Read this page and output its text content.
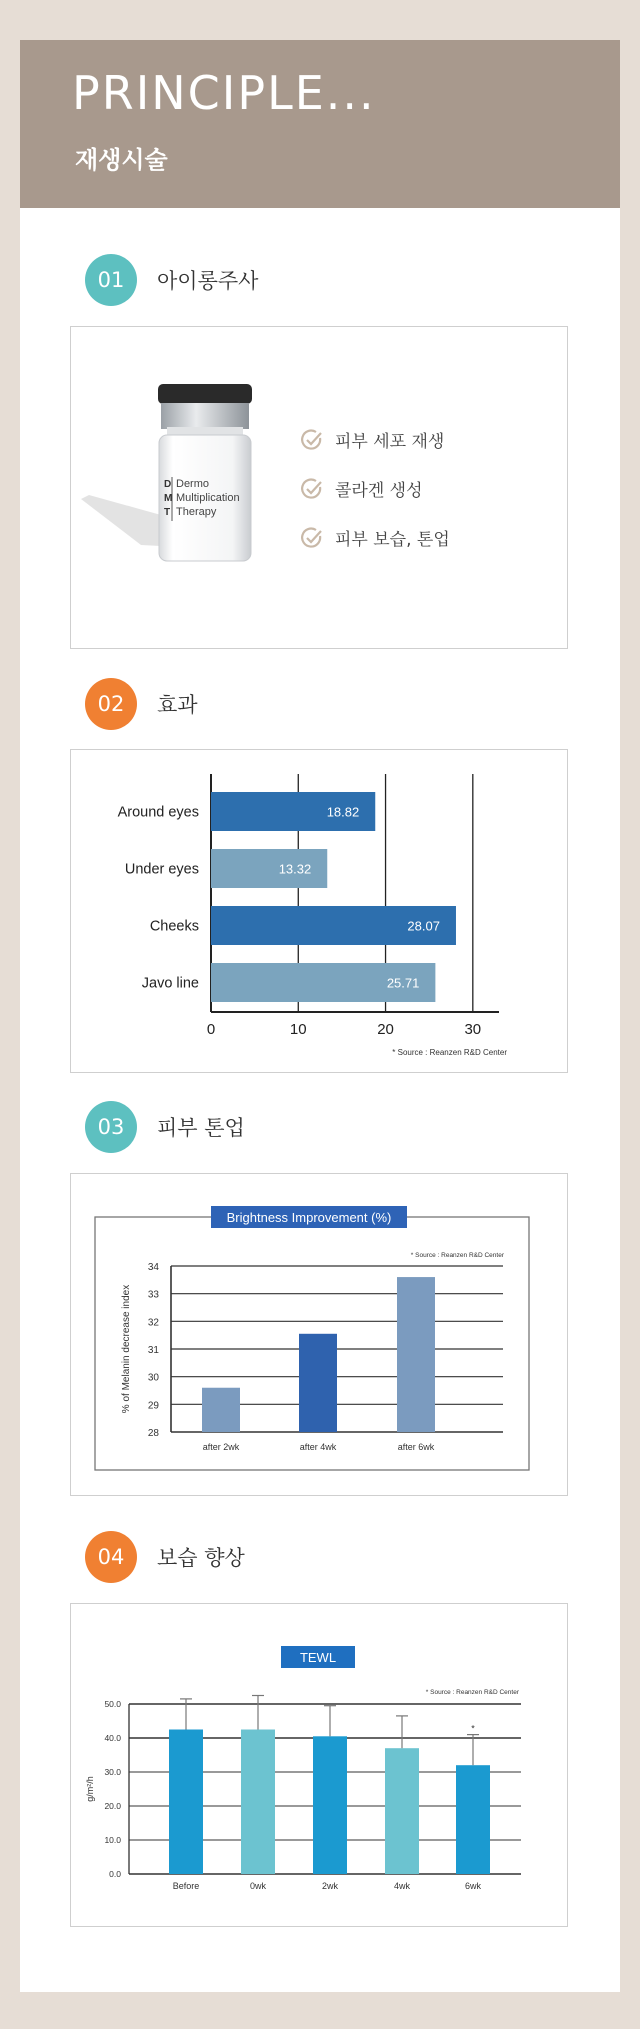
PRINCIPLE...
재생시술
01	아이롱주사
D
M
T
Dermo
Multiplication
Therapy
피부 세포 재생
콜라겐 생성
피부 보습, 톤업
02	효과
0	10	20	30
Around eyes	18.82
Under eyes	13.32
Cheeks	28.07
Javo line	25.71
* Source : Reanzen R&D Center
03	피부 톤업
Brightness Improvement (%)
* Source : Reanzen R&D Center
28
29
30
31
32
33
34
after 2wk	after 4wk	after 6wk
% of Melanin decrease index
04	보습 향상
TEWL
* Source : Reanzen R&D Center
0.0
10.0
20.0
30.0
40.0
50.0
Before	0wk	2wk	4wk
*
6wk
g/m²/h
